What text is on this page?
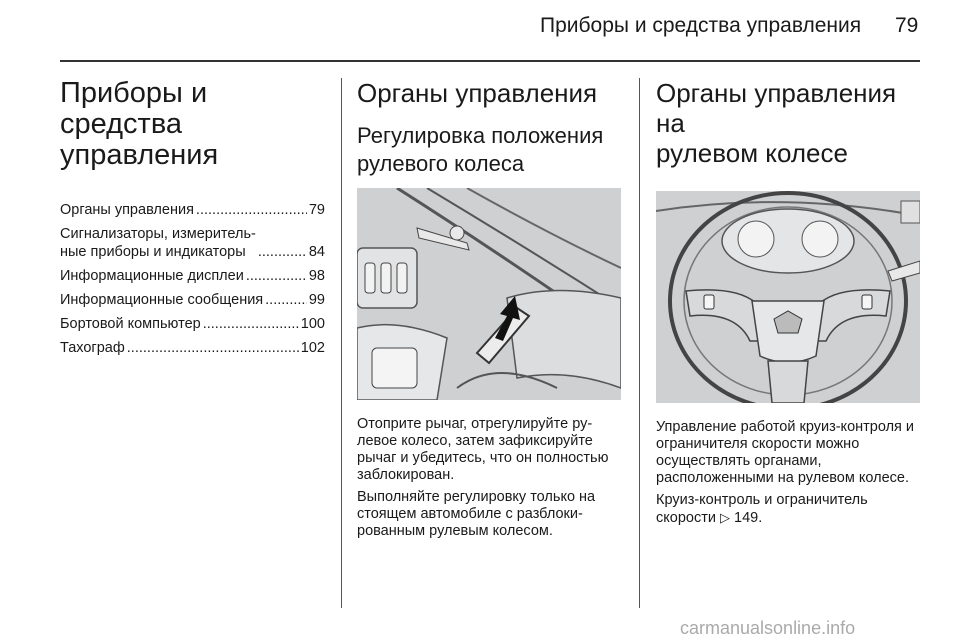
Приборы и средства управления 79
Приборы и средства
управления
Органы управления .....	79
Сигнализаторы, измеритель-
ные приборы и индикаторы .....	84
Информационные дисплеи .....	98
Информационные сообщения .....	99
Бортовой компьютер .....	100
Тахограф .....	102
Органы управления
Регулировка положения
рулевого колеса

Отоприте рычаг, отрегулируйте рулевое колесо, затем зафиксируйте рычаг и убедитесь, что он полностью заблокирован.

Выполняйте регулировку только на стоящем автомобиле с разблокированным рулевым колесом.

Органы управления на
рулевом колесе

Управление работой круиз-контроля и ограничителя скорости можно осуществлять органами, расположенными на рулевом колесе.

Круиз-контроль и ограничитель скорости ▷ 149.

carmanualsonline.info
